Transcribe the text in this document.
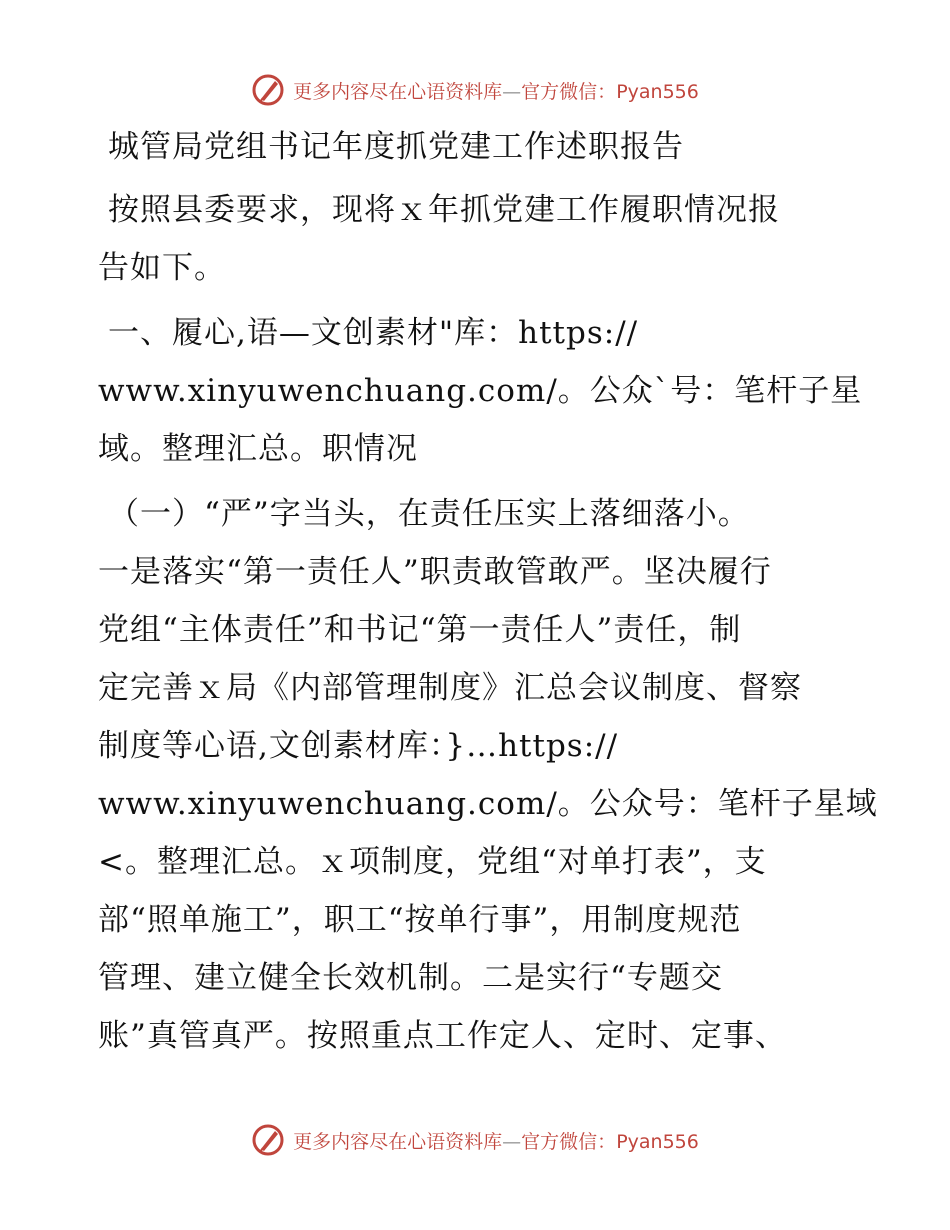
更多内容尽在心语资料库—官方微信：Pyan556

城管局党组书记年度抓党建工作述职报告

按照县委要求，现将ｘ年抓党建工作履职情况报

告如下。

一、履心,语—文创素材"库：https://

www.xinyuwenchuang.com/。公众`号：笔杆子星

域。整理汇总。职情况

（一）“严”字当头，在责任压实上落细落小。

一是落实“第一责任人”职责敢管敢严。坚决履行

党组“主体责任”和书记“第一责任人”责任，制

定完善ｘ局《内部管理制度》汇总会议制度、督察

制度等心语,文创素材库：}…https://

www.xinyuwenchuang.com/。公众号：笔杆子星域

<。整理汇总。ｘ项制度，党组“对单打表”，支

部“照单施工”，职工“按单行事”，用制度规范

管理、建立健全长效机制。二是实行“专题交

账”真管真严。按照重点工作定人、定时、定事、

更多内容尽在心语资料库—官方微信：Pyan556
